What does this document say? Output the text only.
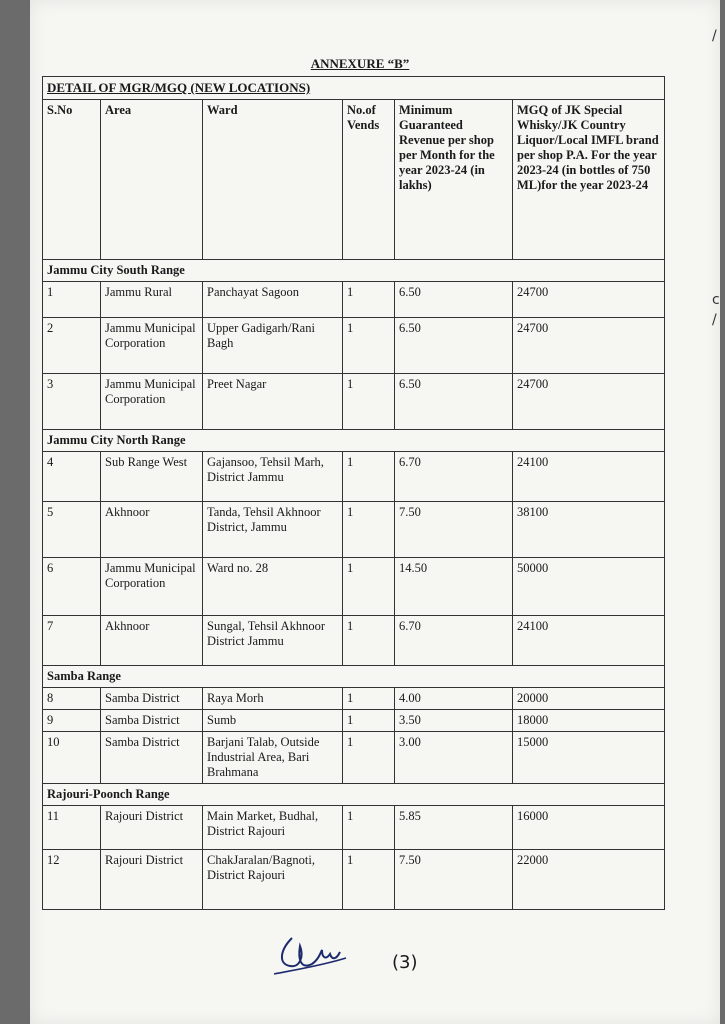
ANNEXURE “B”
DETAIL OF MGR/MGQ (NEW LOCATIONS)					
S.No	Area	Ward	No.of Vends	Minimum Guaranteed Revenue per shop per Month for the year 2023-24 (in lakhs)	MGQ of JK Special Whisky/JK Country Liquor/Local IMFL brand per shop P.A. For the year 2023-24 (in bottles of 750 ML)for the year 2023-24
Jammu City South Range					
1	Jammu Rural	Panchayat Sagoon	1	6.50	24700
2	Jammu Municipal Corporation	Upper Gadigarh/Rani Bagh	1	6.50	24700
3	Jammu Municipal Corporation	Preet Nagar	1	6.50	24700
Jammu City North Range					
4	Sub Range West	Gajansoo, Tehsil Marh, District Jammu	1	6.70	24100
5	Akhnoor	Tanda, Tehsil Akhnoor District, Jammu	1	7.50	38100
6	Jammu Municipal Corporation	Ward no. 28	1	14.50	50000
7	Akhnoor	Sungal, Tehsil Akhnoor District Jammu	1	6.70	24100
Samba Range					
8	Samba District	Raya Morh	1	4.00	20000
9	Samba District	Sumb	1	3.50	18000
10	Samba District	Barjani Talab, Outside Industrial Area, Bari Brahmana	1	3.00	15000
Rajouri-Poonch Range					
11	Rajouri District	Main Market, Budhal, District Rajouri	1	5.85	16000
12	Rajouri District	ChakJaralan/Bagnoti, District Rajouri	1	7.50	22000
(3)
/
c
/
